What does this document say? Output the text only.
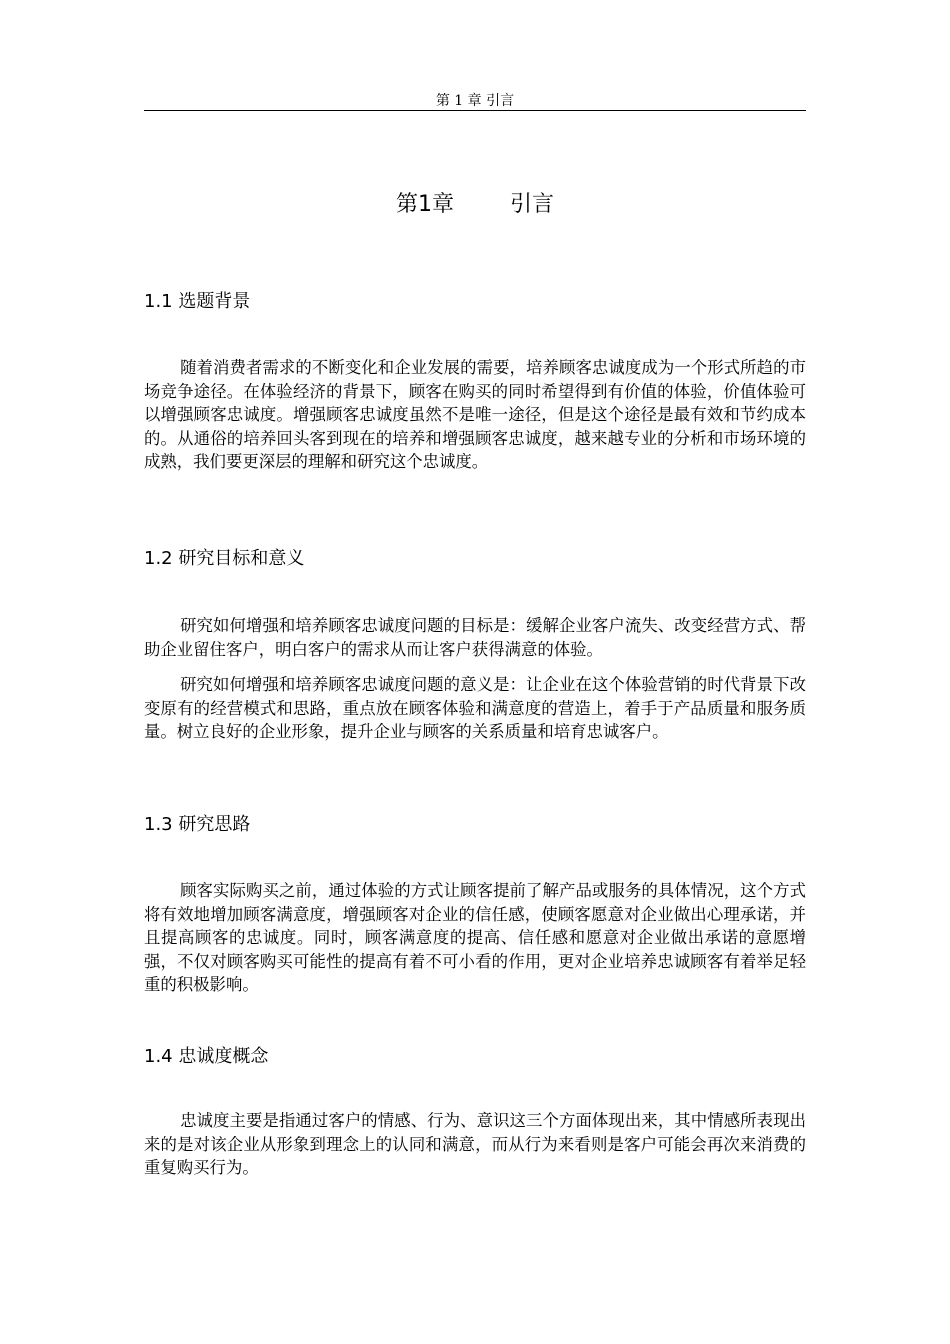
第 1 章 引言
第1章        引言
1.1 选题背景

随着消费者需求的不断变化和企业发展的需要，培养顾客忠诚度成为一个形式所趋的市场竞争途径。在体验经济的背景下，顾客在购买的同时希望得到有价值的体验，价值体验可以增强顾客忠诚度。增强顾客忠诚度虽然不是唯一途径，但是这个途径是最有效和节约成本的。从通俗的培养回头客到现在的培养和增强顾客忠诚度，越来越专业的分析和市场环境的成熟，我们要更深层的理解和研究这个忠诚度。

1.2 研究目标和意义

研究如何增强和培养顾客忠诚度问题的目标是：缓解企业客户流失、改变经营方式、帮助企业留住客户，明白客户的需求从而让客户获得满意的体验。

研究如何增强和培养顾客忠诚度问题的意义是：让企业在这个体验营销的时代背景下改变原有的经营模式和思路，重点放在顾客体验和满意度的营造上，着手于产品质量和服务质量。树立良好的企业形象，提升企业与顾客的关系质量和培育忠诚客户。

1.3 研究思路

顾客实际购买之前，通过体验的方式让顾客提前了解产品或服务的具体情况，这个方式将有效地增加顾客满意度，增强顾客对企业的信任感，使顾客愿意对企业做出心理承诺，并且提高顾客的忠诚度。同时，顾客满意度的提高、信任感和愿意对企业做出承诺的意愿增强，不仅对顾客购买可能性的提高有着不可小看的作用，更对企业培养忠诚顾客有着举足轻重的积极影响。

1.4 忠诚度概念

忠诚度主要是指通过客户的情感、行为、意识这三个方面体现出来，其中情感所表现出来的是对该企业从形象到理念上的认同和满意，而从行为来看则是客户可能会再次来消费的重复购买行为。
